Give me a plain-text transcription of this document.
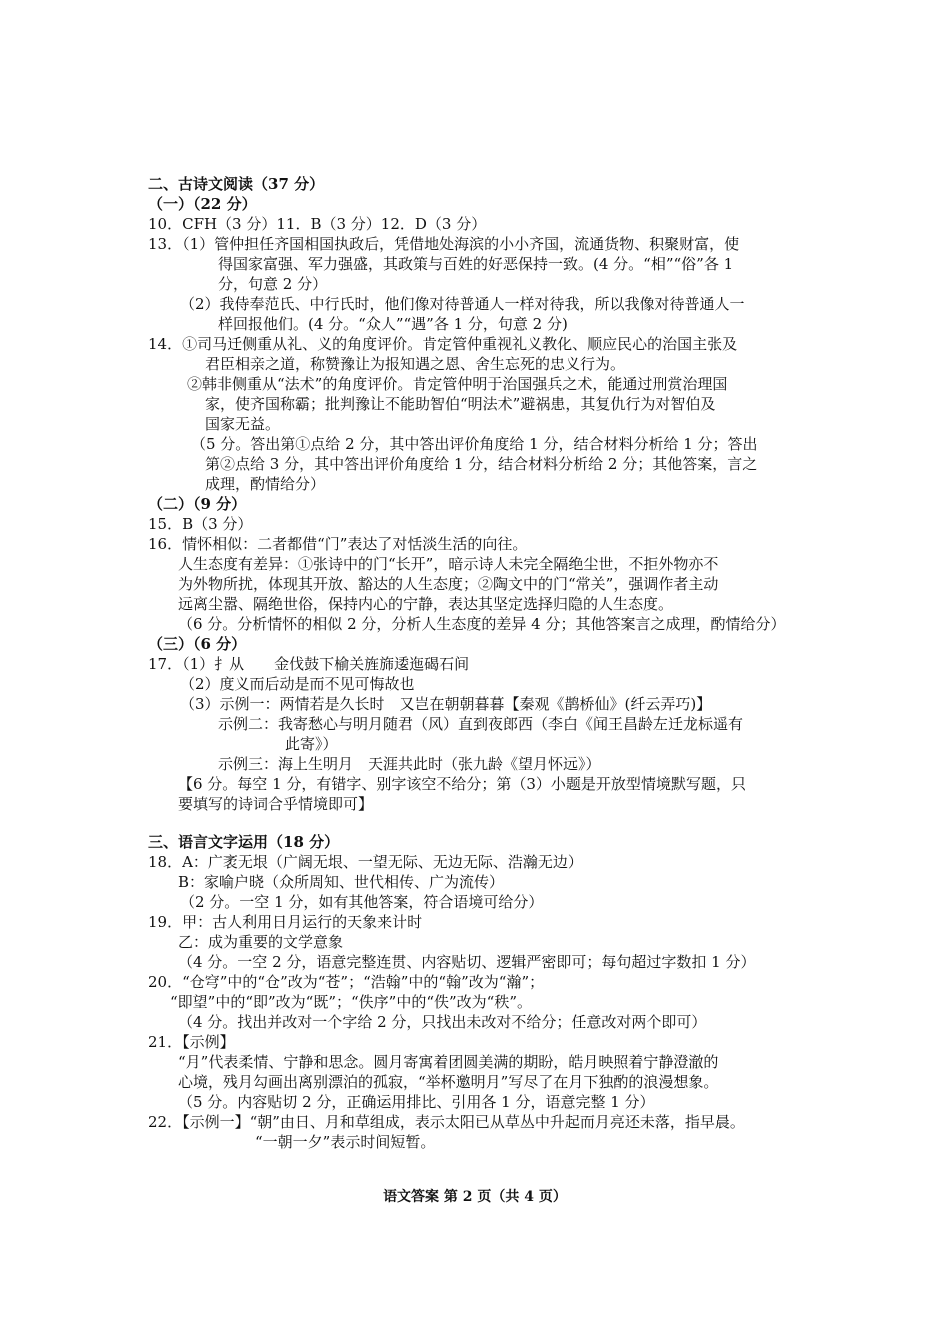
二、古诗文阅读（37 分）
（一）（22 分）
10．CFH（3 分）11．B（3 分）12．D（3 分）
13．（1）管仲担任齐国相国执政后，凭借地处海滨的小小齐国，流通货物、积聚财富，使
得国家富强、军力强盛，其政策与百姓的好恶保持一致。(4 分。“相”“俗”各 1
分，句意 2 分）
（2）我侍奉范氏、中行氏时，他们像对待普通人一样对待我，所以我像对待普通人一
样回报他们。(4 分。“众人”“遇”各 1 分，句意 2 分)
14．①司马迁侧重从礼、义的角度评价。肯定管仲重视礼义教化、顺应民心的治国主张及
君臣相亲之道，称赞豫让为报知遇之恩、舍生忘死的忠义行为。
②韩非侧重从“法术”的角度评价。肯定管仲明于治国强兵之术，能通过刑赏治理国
家，使齐国称霸；批判豫让不能助智伯“明法术”避祸患，其复仇行为对智伯及
国家无益。
（5 分。答出第①点给 2 分，其中答出评价角度给 1 分，结合材料分析给 1 分；答出
第②点给 3 分，其中答出评价角度给 1 分，结合材料分析给 2 分；其他答案，言之
成理，酌情给分）
（二）（9 分）
15．B（3 分）
16．情怀相似：二者都借“门”表达了对恬淡生活的向往。
人生态度有差异：①张诗中的门“长开”，暗示诗人未完全隔绝尘世，不拒外物亦不
为外物所扰，体现其开放、豁达的人生态度；②陶文中的门“常关”，强调作者主动
远离尘嚣、隔绝世俗，保持内心的宁静，表达其坚定选择归隐的人生态度。
（6 分。分析情怀的相似 2 分，分析人生态度的差异 4 分；其他答案言之成理，酌情给分）
（三）（6 分）
17．（1）扌从　　金伐鼓下榆关旌旆逶迤碣石间
（2）度义而后动是而不见可悔故也
（3）示例一：两情若是久长时　又岂在朝朝暮暮【秦观《鹊桥仙》(纤云弄巧)】
示例二：我寄愁心与明月随君（风）直到夜郎西（李白《闻王昌龄左迁龙标遥有
此寄》）
示例三：海上生明月　天涯共此时（张九龄《望月怀远》）
【6 分。每空 1 分，有错字、别字该空不给分；第（3）小题是开放型情境默写题，只
要填写的诗词合乎情境即可】
三、语言文字运用（18 分）
18．A：广袤无垠（广阔无垠、一望无际、无边无际、浩瀚无边）
B：家喻户晓（众所周知、世代相传、广为流传）
（2 分。一空 1 分，如有其他答案，符合语境可给分）
19．甲：古人利用日月运行的天象来计时
乙：成为重要的文学意象
（4 分。一空 2 分，语意完整连贯、内容贴切、逻辑严密即可；每句超过字数扣 1 分）
20．“仓穹”中的“仓”改为“苍”；“浩翰”中的“翰”改为“瀚”；
“即望”中的“即”改为“既”；“佚序”中的“佚”改为“秩”。
（4 分。找出并改对一个字给 2 分，只找出未改对不给分；任意改对两个即可）
21．【示例】
“月”代表柔情、宁静和思念。圆月寄寓着团圆美满的期盼，皓月映照着宁静澄澈的
心境，残月勾画出离别漂泊的孤寂，“举杯邀明月”写尽了在月下独酌的浪漫想象。
（5 分。内容贴切 2 分，正确运用排比、引用各 1 分，语意完整 1 分）
22．【示例一】“朝”由日、月和草组成，表示太阳已从草丛中升起而月亮还未落，指早晨。
“一朝一夕”表示时间短暂。
语文答案 第 2 页（共 4 页）
